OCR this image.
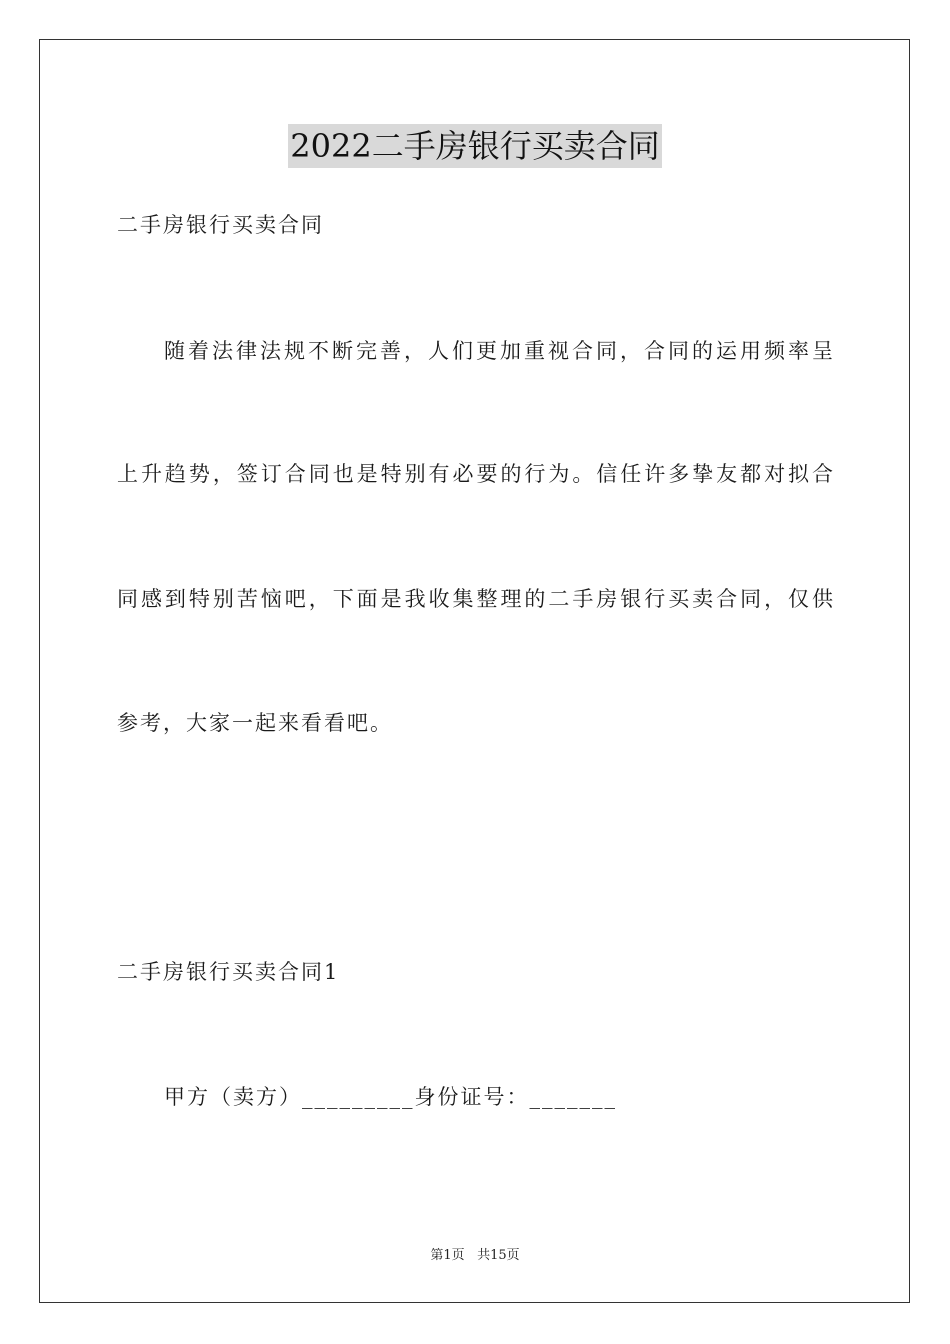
2022二手房银行买卖合同
二手房银行买卖合同
随着法律法规不断完善，人们更加重视合同，合同的运用频率呈
上升趋势，签订合同也是特别有必要的行为。信任许多挚友都对拟合
同感到特别苦恼吧，下面是我收集整理的二手房银行买卖合同，仅供
参考，大家一起来看看吧。
二手房银行买卖合同1
甲方（卖方）_________身份证号：_______
第1页 共15页
